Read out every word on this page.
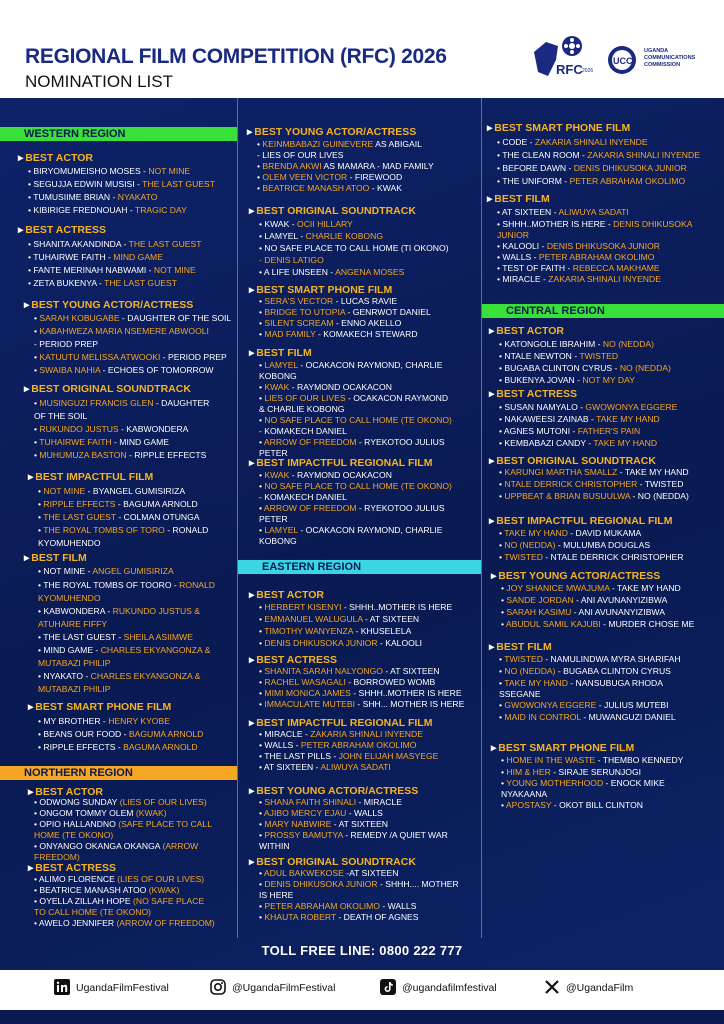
REGIONAL FILM COMPETITION (RFC) 2026
NOMINATION LIST
RFC 2026
UCC
UGANDA COMMUNICATIONS COMMISSION
WESTERN REGION
NORTHERN REGION
▸ BEST ACTOR
• BIRYOMUMEISHO MOSES - NOT MINE
• SEGUJJA EDWIN MUSISI - THE LAST GUEST
• TUMUSIIME BRIAN - NYAKATO
• KIBIRIGE FREDNOUAH - TRAGIC DAY
▸ BEST ACTRESS
• SHANITA AKANDINDA - THE LAST GUEST
• TUHAIRWE FAITH - MIND GAME
• FANTE MERINAH NABWAMI - NOT MINE
• ZETA BUKENYA - THE LAST GUEST
▸ BEST YOUNG ACTOR/ACTRESS
• SARAH KOBUGABE - DAUGHTER OF THE SOIL
• KABAHWEZA MARIA NSEMERE ABWOOLI
- PERIOD PREP
• KATUUTU MELISSA ATWOOKI - PERIOD PREP
• SWAIBA NAHIA - ECHOES OF TOMORROW
▸ BEST ORIGINAL SOUNDTRACK
• MUSINGUZI FRANCIS GLEN - DAUGHTER
OF THE SOIL
• RUKUNDO JUSTUS - KABWONDERA
• TUHAIRWE FAITH - MIND GAME
• MUHUMUZA BASTON - RIPPLE EFFECTS
▸ BEST IMPACTFUL FILM
• NOT MINE - BYANGEL GUMISIRIZA
• RIPPLE EFFECTS - BAGUMA ARNOLD
• THE LAST GUEST - COLMAN OTUNGA
• THE ROYAL TOMBS OF TORO - RONALD
KYOMUHENDO
▸ BEST FILM
• NOT MINE - ANGEL GUMISIRIZA
• THE ROYAL TOMBS OF TOORO - RONALD
KYOMUHENDO
• KABWONDERA - RUKUNDO JUSTUS &
ATUHAIRE FIFFY
• THE LAST GUEST - SHEILA ASIIMWE
• MIND GAME - CHARLES EKYANGONZA &
MUTABAZI PHILIP
• NYAKATO - CHARLES EKYANGONZA &
MUTABAZI PHILIP
▸ BEST SMART PHONE FILM
• MY BROTHER - HENRY KYOBE
• BEANS OUR FOOD - BAGUMA ARNOLD
• RIPPLE EFFECTS - BAGUMA ARNOLD
▸ BEST ACTOR
• ODWONG SUNDAY (LIES OF OUR LIVES)
• ONGOM TOMMY OLEM (KWAK)
• OPIO HALLANDNO (SAFE PLACE TO CALL
HOME (TE OKONO)
• ONYANGO OKANGA OKANGA (ARROW
FREEDOM)
▸ BEST ACTRESS
• ALIMO FLORENCE (LIES OF OUR LIVES)
• BEATRICE MANASH ATOO (KWAK)
• OYELLA ZILLAH HOPE (NO SAFE PLACE
TO CALL HOME (TE OKONO)
• AWELO JENNIFER (ARROW OF FREEDOM)
EASTERN REGION
▸ BEST YOUNG ACTOR/ACTRESS
• KEINMBABAZI GUINEVERE AS ABIGAIL
- LIES OF OUR LIVES
• BRENDA AKWI AS MAMARA - MAD FAMILY
• OLEM VEEN VICTOR - FIREWOOD
• BEATRICE MANASH ATOO - KWAK
▸ BEST ORIGINAL SOUNDTRACK
• KWAK - OCII HILLARY
• LAMYEL - CHARLIE KOBONG
• NO SAFE PLACE TO CALL HOME (TI OKONO)
- DENIS LATIGO
• A LIFE UNSEEN - ANGENA MOSES
▸ BEST SMART PHONE FILM
• SERA'S VECTOR - LUCAS RAVIE
• BRIDGE TO UTOPIA - GENRWOT DANIEL
• SILENT SCREAM - ENNO AKELLO
• MAD FAMILY - KOMAKECH STEWARD
▸ BEST FILM
• LAMYEL - OCAKACON RAYMOND, CHARLIE
KOBONG
• KWAK - RAYMOND OCAKACON
• LIES OF OUR LIVES - OCAKACON RAYMOND
& CHARLIE KOBONG
• NO SAFE PLACE TO CALL HOME (TE OKONO)
- KOMAKECH DANIEL
• ARROW OF FREEDOM - RYEKOTOO JULIUS
PETER
▸ BEST IMPACTFUL REGIONAL FILM
• KWAK - RAYMOND OCAKACON
• NO SAFE PLACE TO CALL HOME (TE OKONO)
- KOMAKECH DANIEL
• ARROW OF FREEDOM - RYEKOTOO JULIUS
PETER
• LAMYEL - OCAKACON RAYMOND, CHARLIE
KOBONG
▸ BEST ACTOR
• HERBERT KISENYI - SHHH..MOTHER IS HERE
• EMMANUEL WALUGULA - AT SIXTEEN
• TIMOTHY WANYENZA - KHUSELELA
• DENIS DHIKUSOKA JUNIOR - KALOOLI
▸ BEST ACTRESS
• SHANITA SARAH NALYONGO - AT SIXTEEN
• RACHEL WASAGALI - BORROWED WOMB
• MIMI MONICA JAMES - SHHH..MOTHER IS HERE
• IMMACULATE MUTEBI - SHH... MOTHER IS HERE
▸ BEST IMPACTFUL REGIONAL FILM
• MIRACLE - ZAKARIA SHINALI INYENDE
• WALLS - PETER ABRAHAM OKOLIMO
• THE LAST PILLS - JOHN ELIJAH MASYEGE
• AT SIXTEEN - ALIWUYA SADATI
▸ BEST YOUNG ACTOR/ACTRESS
• SHANA FAITH SHINALI - MIRACLE
• AJIBO MERCY EJAU - WALLS
• MARY NABWIRE - AT SIXTEEN
• PROSSY BAMUTYA - REMEDY /A QUIET WAR
WITHIN
▸ BEST ORIGINAL SOUNDTRACK
• ADUL BAKWEKOSE -AT SIXTEEN
• DENIS DHIKUSOKA JUNIOR - SHHH.... MOTHER
IS HERE
• PETER ABRAHAM OKOLIMO - WALLS
• KHAUTA ROBERT - DEATH OF AGNES
CENTRAL REGION
▸ BEST SMART PHONE FILM
• CODE - ZAKARIA SHINALI INYENDE
• THE CLEAN ROOM - ZAKARIA SHINALI INYENDE
• BEFORE DAWN - DENIS DHIKUSOKA JUNIOR
• THE UNIFORM - PETER ABRAHAM OKOLIMO
▸ BEST FILM
• AT SIXTEEN - ALIWUYA SADATI
• SHHH..MOTHER IS HERE - DENIS DHIKUSOKA
JUNIOR
• KALOOLI - DENIS DHIKUSOKA JUNIOR
• WALLS - PETER ABRAHAM OKOLIMO
• TEST OF FAITH - REBECCA MAKHAME
• MIRACLE - ZAKARIA SHINALI INYENDE
▸ BEST ACTOR
• KATONGOLE IBRAHIM - NO (NEDDA)
• NTALE NEWTON - TWISTED
• BUGABA CLINTON CYRUS - NO (NEDDA)
• BUKENYA JOVAN - NOT MY DAY
▸ BEST ACTRESS
• SUSAN NAMYALO - GWOWONYA EGGERE
• NAKAWEESI ZAINAB - TAKE MY HAND
• AGNES MUTONI - FATHER'S PAIN
• KEMBABAZI CANDY - TAKE MY HAND
▸ BEST ORIGINAL SOUNDTRACK
• KARUNGI MARTHA SMALLZ - TAKE MY HAND
• NTALE DERRICK CHRISTOPHER - TWISTED
• UPPBEAT & BRIAN BUSUULWA - NO (NEDDA)
▸ BEST IMPACTFUL REGIONAL FILM
• TAKE MY HAND - DAVID MUKAMA
• NO (NEDDA) - MULUMBA DOUGLAS
• TWISTED - NTALE DERRICK CHRISTOPHER
▸ BEST YOUNG ACTOR/ACTRESS
• JOY SHANICE MWAJUMA - TAKE MY HAND
• SANDE JORDAN - ANI AVUNANYIZIBWA
• SARAH KASIMU - ANI AVUNANYIZIBWA
• ABUDUL SAMIL KAJUBI - MURDER CHOSE ME
▸ BEST FILM
• TWISTED - NAMULINDWA MYRA SHARIFAH
• NO (NEDDA) - BUGABA CLINTON CYRUS
• TAKE MY HAND - NANSUBUGA RHODA
SSEGANE
• GWOWONYA EGGERE - JULIUS MUTEBI
• MAID IN CONTROL - MUWANGUZI DANIEL
▸ BEST SMART PHONE FILM
• HOME IN THE WASTE - THEMBO KENNEDY
• HIM & HER - SIRAJE SERUNJOGI
• YOUNG MOTHERHOOD - ENOCK MIKE
NYAKAANA
• APOSTASY - OKOT BILL CLINTON
TOLL FREE LINE: 0800 222 777
UgandaFilmFestival	@UgandaFilmFestival	@ugandafilmfestival	@UgandaFilm
